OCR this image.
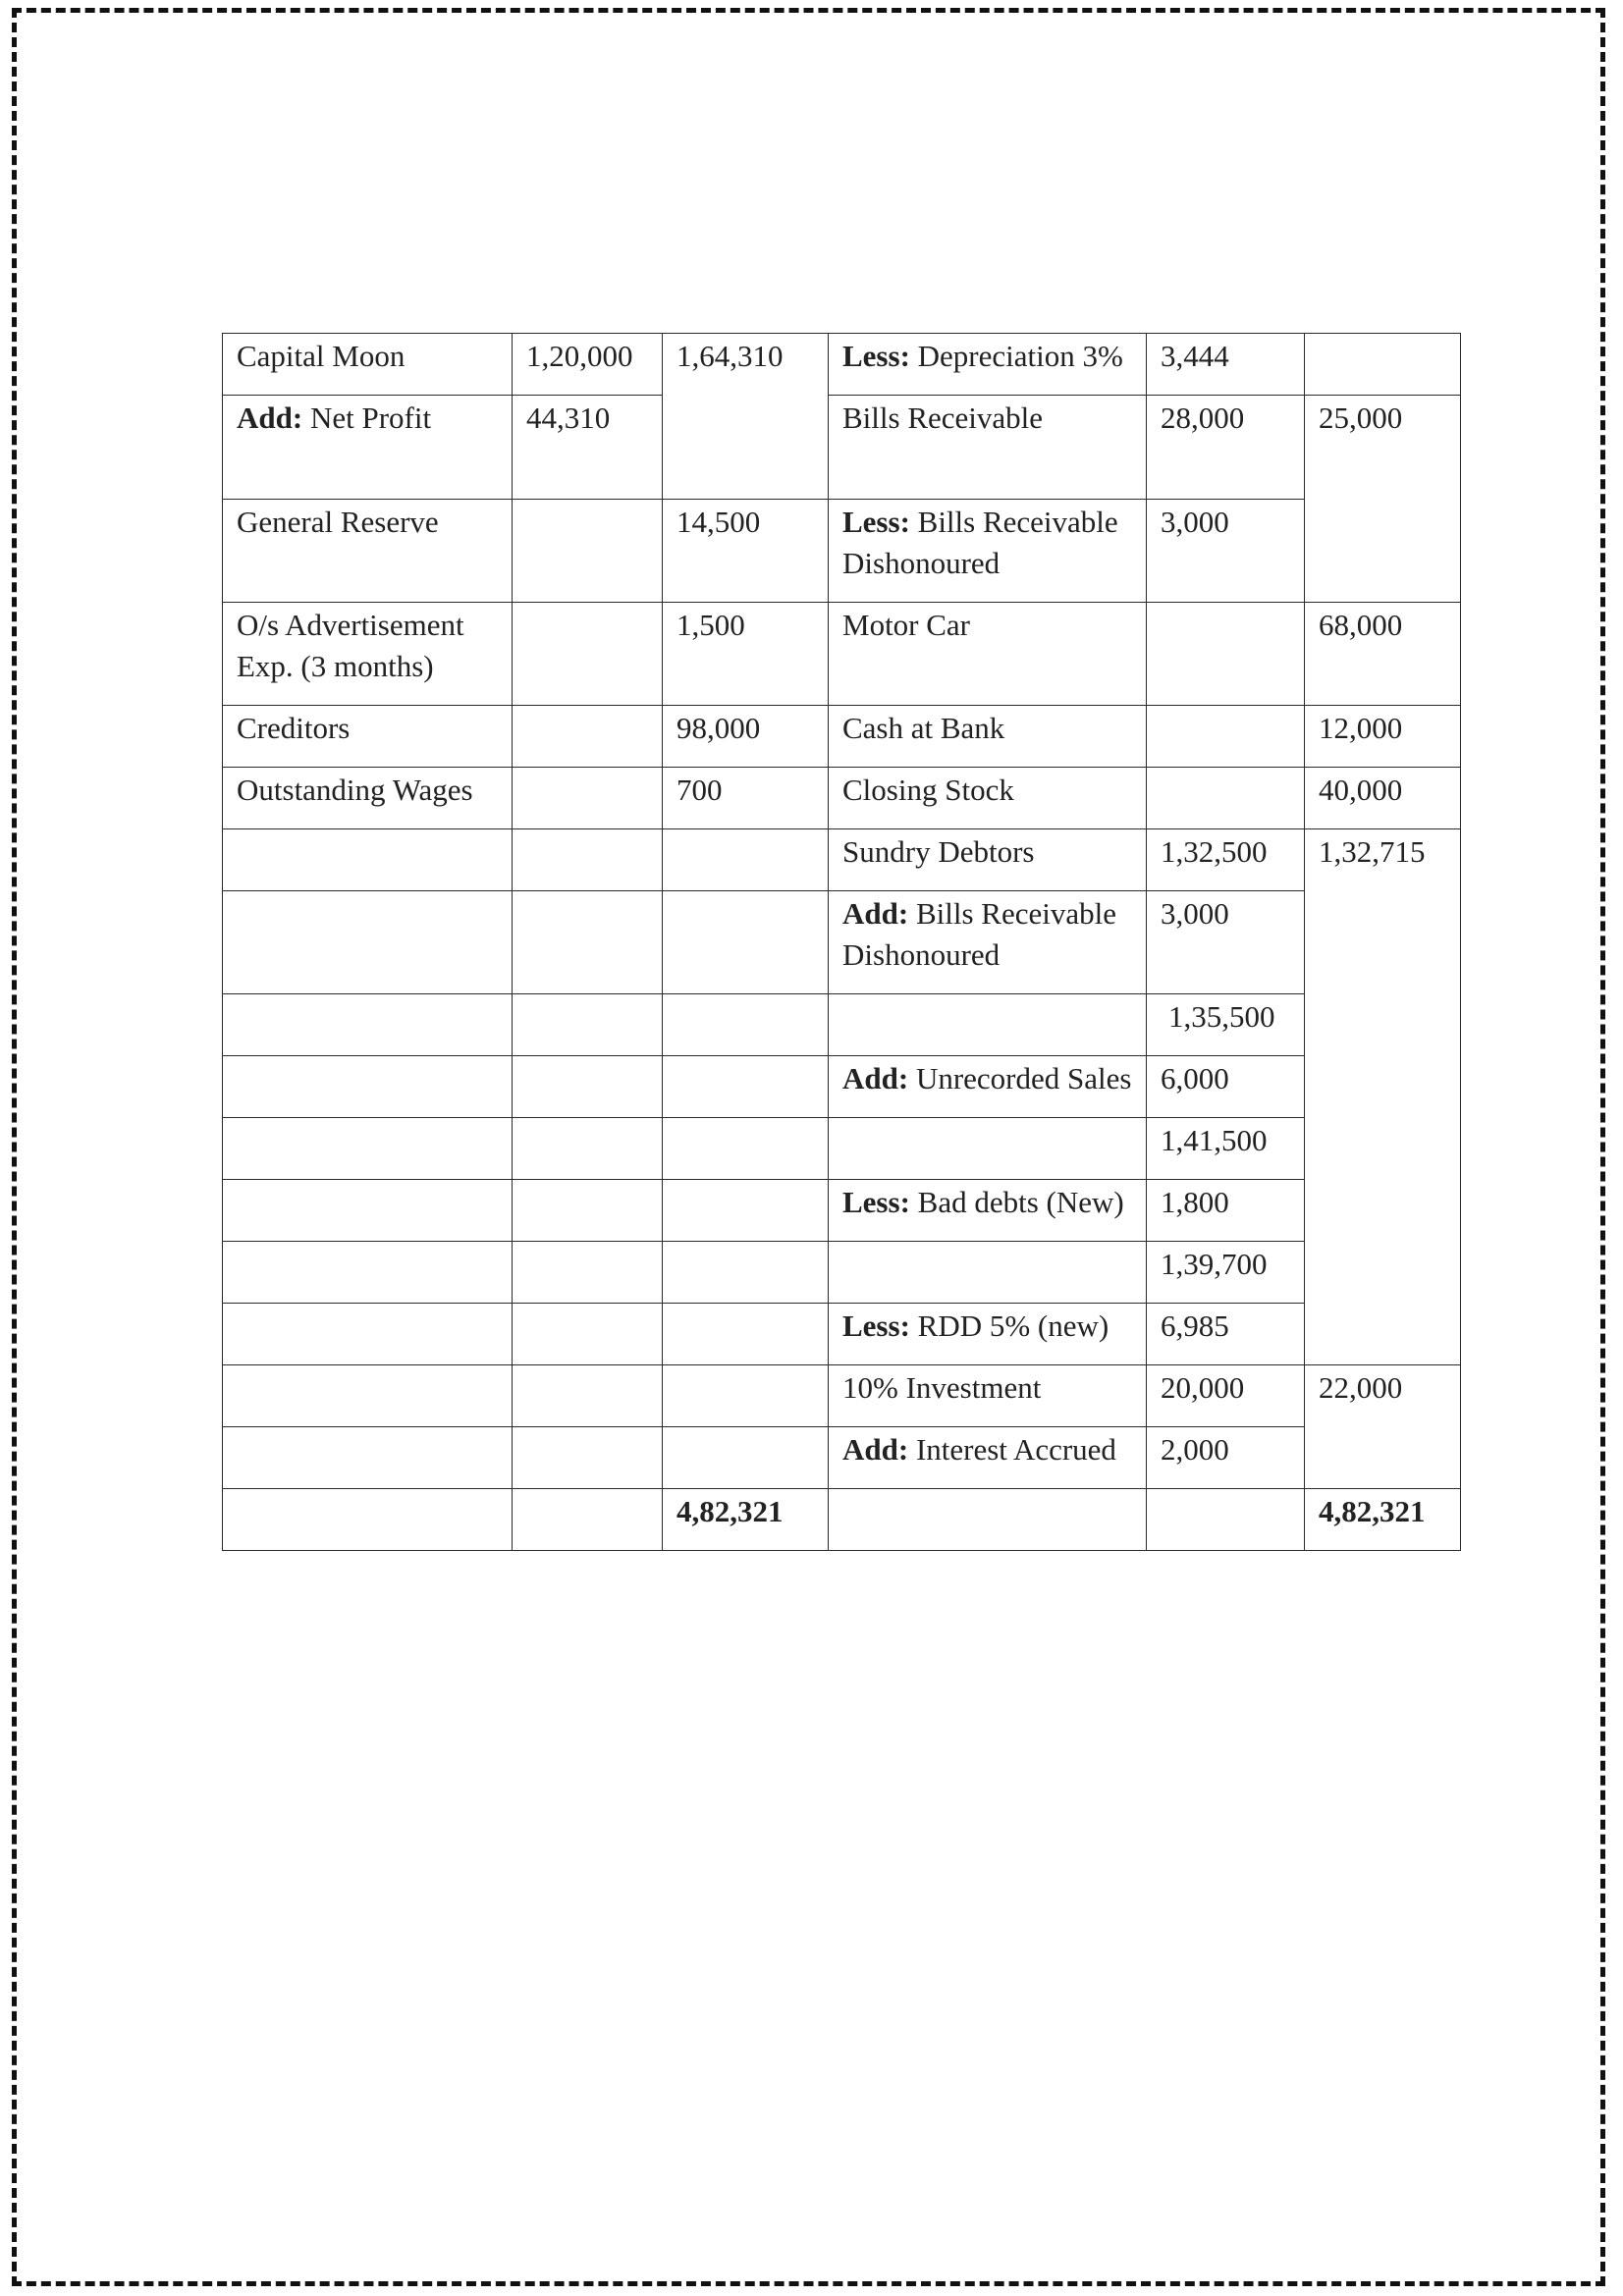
Capital Moon	1,20,000	1,64,310	Less: Depreciation 3%	3,444	
Add: Net Profit	44,310		Bills Receivable	28,000	25,000
General Reserve		14,500	Less: Bills Receivable Dishonoured	3,000	
O/s Advertisement Exp. (3 months)		1,500	Motor Car		68,000
Creditors		98,000	Cash at Bank		12,000
Outstanding Wages		700	Closing Stock		40,000
			Sundry Debtors	1,32,500	1,32,715
			Add: Bills Receivable Dishonoured	3,000	
				1,35,500	
			Add: Unrecorded Sales	6,000	
				1,41,500	
			Less: Bad debts (New)	1,800	
				1,39,700	
			Less: RDD 5% (new)	6,985	
			10% Investment	20,000	22,000
			Add: Interest Accrued	2,000	
		4,82,321			4,82,321
